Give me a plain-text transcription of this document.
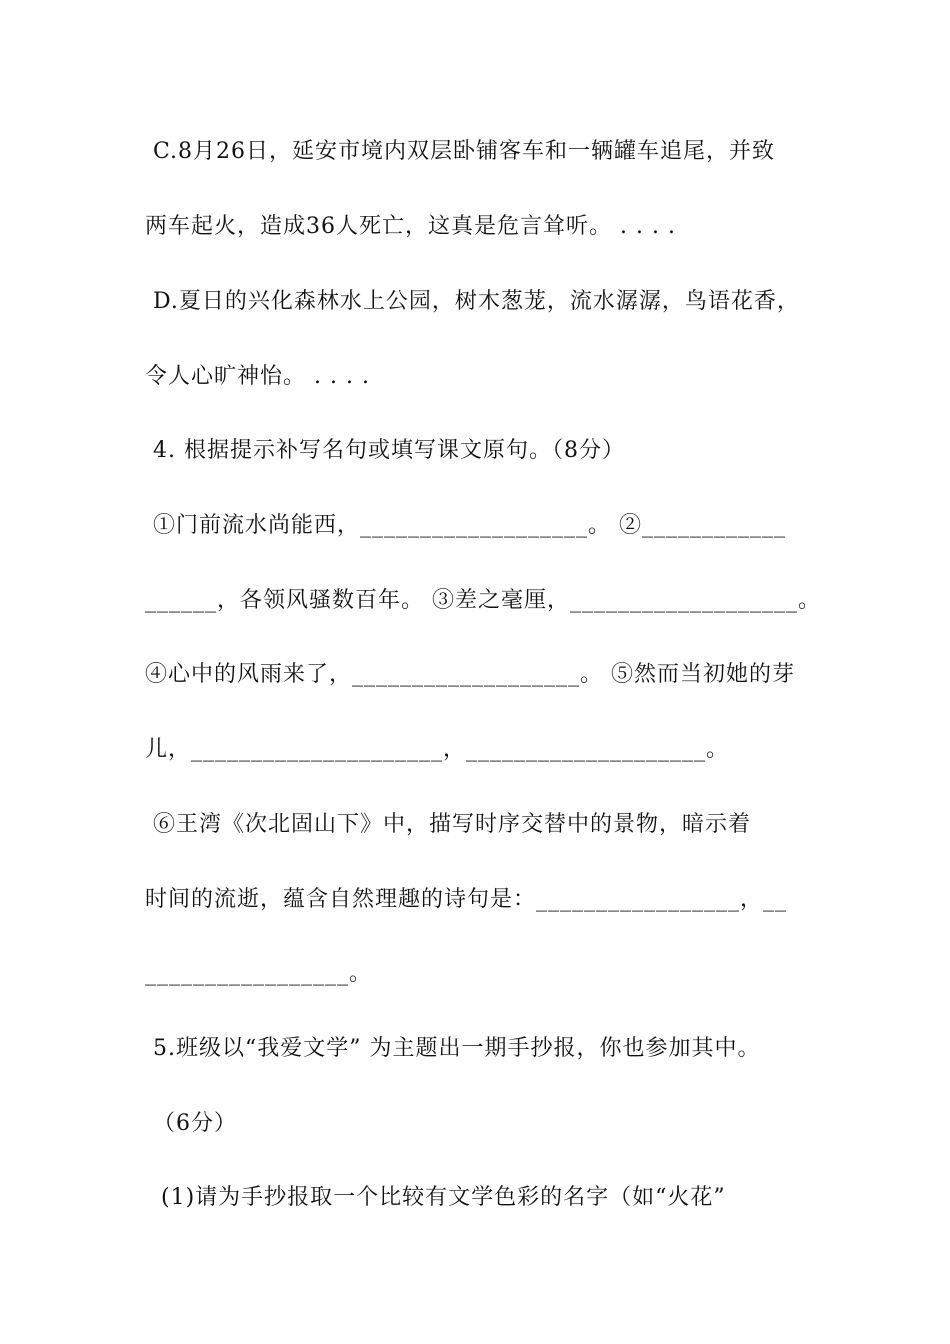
C.8月26日，延安市境内双层卧铺客车和一辆罐车追尾，并致
两车起火，造成36人死亡，这真是危言耸听。 . . . .
D.夏日的兴化森林水上公园，树木葱茏，流水潺潺，鸟语花香，
令人心旷神怡。 . . . .
4. 根据提示补写名句或填写课文原句。（8分）
①门前流水尚能西，___________________。 ②____________
______，各领风骚数百年。 ③差之毫厘，___________________。
④心中的风雨来了，___________________。 ⑤然而当初她的芽
儿，_____________________，____________________。
⑥王湾《次北固山下》中，描写时序交替中的景物，暗示着
时间的流逝，蕴含自然理趣的诗句是：_________________，__
_________________。
5.班级以“我爱文学” 为主题出一期手抄报，你也参加其中。
（6分）
(1)请为手抄报取一个比较有文学色彩的名字（如“火花”
